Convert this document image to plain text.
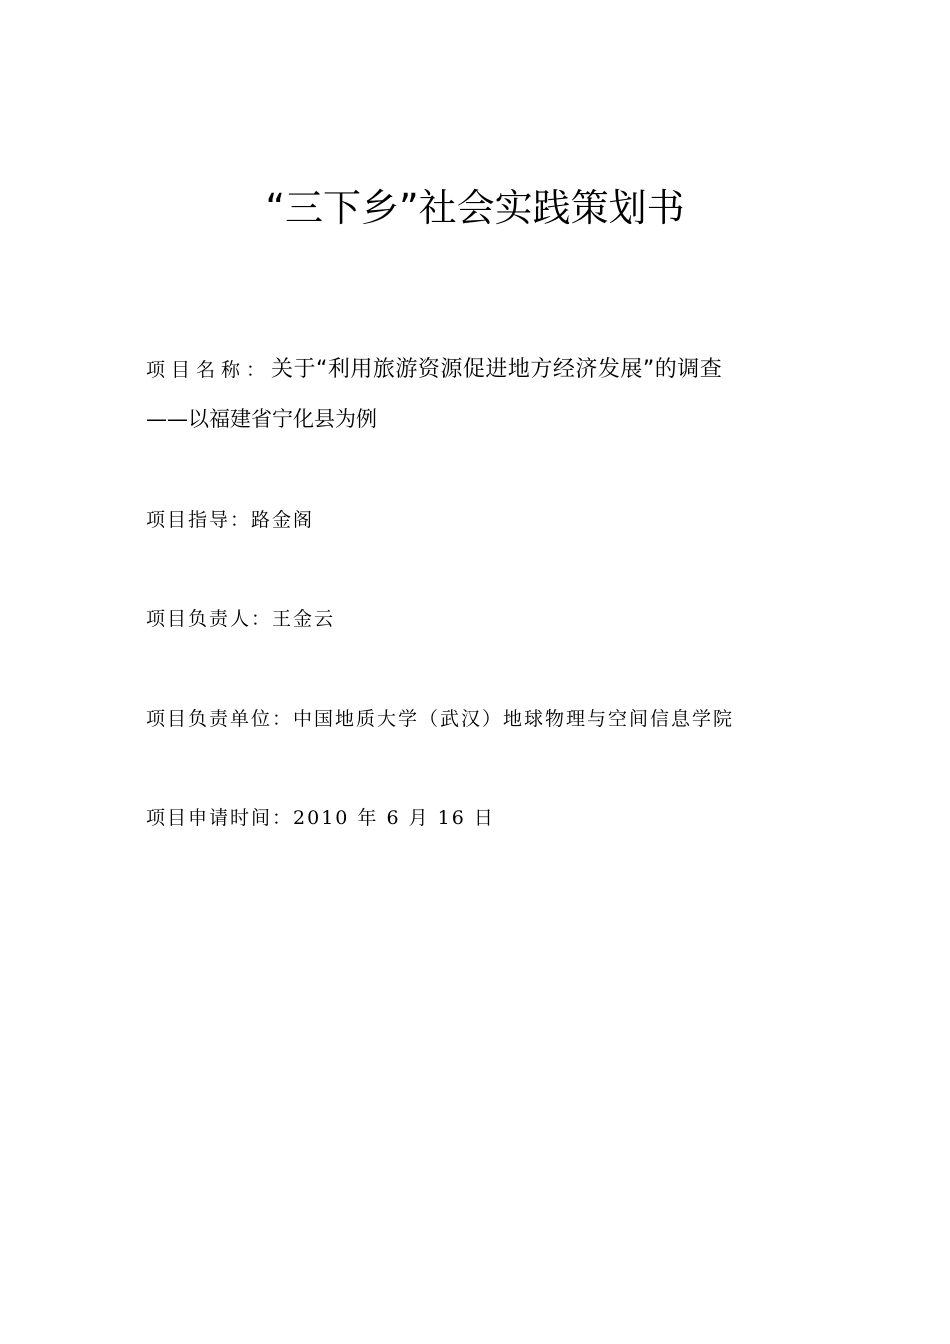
“三下乡”社会实践策划书
项目名称：关于“利用旅游资源促进地方经济发展”的调查
——以福建省宁化县为例
项目指导：路金阁
项目负责人：王金云
项目负责单位：中国地质大学（武汉）地球物理与空间信息学院
项目申请时间：2010 年 6 月 16 日
